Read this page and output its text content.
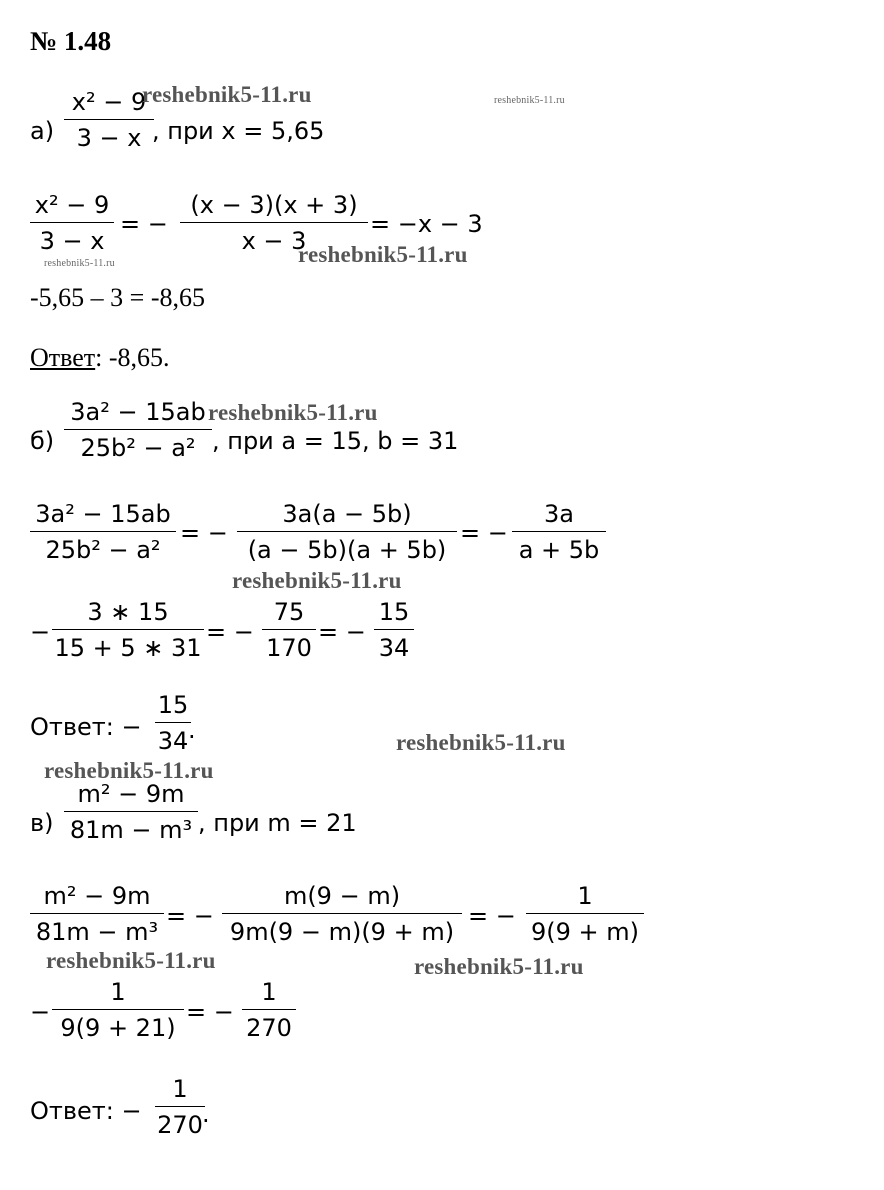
№ 1.48
а)
x² − 9
3 − x , при x = 5,65
x² − 9
3 − x
= −
(x − 3)(x + 3)
x − 3
= −x − 3
-5,65 – 3 = -8,65
Ответ: -8,65.
б)
3a² − 15ab
25b² − a² , при a = 15, b = 31
3a² − 15ab
25b² − a²
= −
3a(a − 5b)
(a − 5b)(a + 5b)
= −
3a
a + 5b
−
3 ∗ 15
15 + 5 ∗ 31
= −
75
170
= −
15
34
Ответ: −
15
34 .
в)
m² − 9m
81m − m³ , при m = 21
m² − 9m
81m − m³
= −
m(9 − m)
9m(9 − m)(9 + m)
= −
1
9(9 + m)
−
1
9(9 + 21)
= −
1
270
Ответ: −
1
270 .
reshebnik5-11.ru	reshebnik5-11.ru
reshebnik5-11.ru	reshebnik5-11.ru
reshebnik5-11.ru
reshebnik5-11.ru
reshebnik5-11.ru
reshebnik5-11.ru
reshebnik5-11.ru	reshebnik5-11.ru
